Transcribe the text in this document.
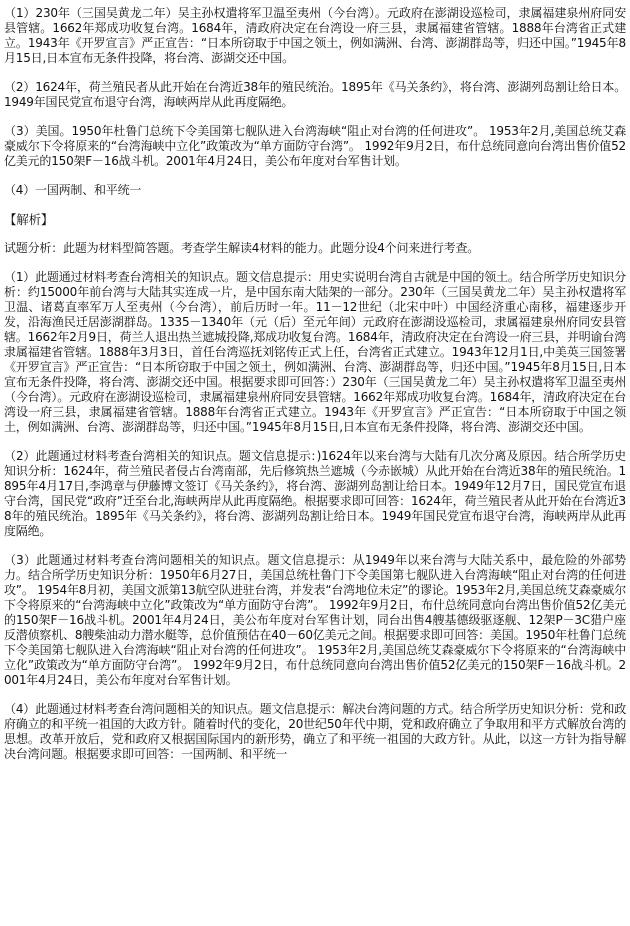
（1）230年（三国吴黄龙二年）吴主孙权遣将军卫温至夷州（今台湾）。元政府在澎湖设巡检司，隶属福建泉州府同安县管辖。1662年郑成功收复台湾。1684年，清政府决定在台湾设一府三县，隶属福建省管辖。1888年台湾省正式建立。1943年《开罗宣言》严正宣告：“日本所窃取于中国之领土，例如满洲、台湾、澎湖群岛等，归还中国。”1945年8月15日,日本宣布无条件投降，将台湾、澎湖交还中国。

（2）1624年，荷兰殖民者从此开始在台湾近38年的殖民统治。1895年《马关条约》，将台湾、澎湖列岛割让给日本。1949年国民党宣布退守台湾，海峡两岸从此再度隔绝。

（3）美国。1950年杜鲁门总统下令美国第七舰队进入台湾海峡“阻止对台湾的任何进攻”。 1953年2月,美国总统艾森豪威尔下令将原来的“台湾海峡中立化”政策改为“单方面防守台湾”。 1992年9月2日，布什总统同意向台湾出售价值52亿美元的150架F－16战斗机。2001年4月24日，美公布年度对台军售计划。

（4）一国两制、和平统一

【解析】

试题分析：此题为材料型简答题。考查学生解读4材料的能力。此题分设4个问来进行考查。

（1）此题通过材料考查台湾相关的知识点。题文信息提示：用史实说明台湾自古就是中国的领土。结合所学历史知识分析：约15000年前台湾与大陆其实连成一片，是中国东南大陆架的一部分。230年（三国吴黄龙二年）吴主孙权遣将军卫温、诸葛直率军万人至夷州（今台湾），前后历时一年。11－12世纪（北宋中叶）中国经济重心南移，福建逐步开发，沿海渔民迁居澎湖群岛。1335－1340年（元（后）至元年间）元政府在澎湖设巡检司，隶属福建泉州府同安县管辖。1662年2月9日，荷兰人退出热兰遮城投降,郑成功收复台湾。1684年，清政府决定在台湾设一府三县，并明谕台湾隶属福建省管辖。1888年3月3日，首任台湾巡抚刘铭传正式上任，台湾省正式建立。1943年12月1日,中美英三国签署《开罗宣言》严正宣告：“日本所窃取于中国之领土，例如满洲、台湾、澎湖群岛等，归还中国。”1945年8月15日,日本宣布无条件投降，将台湾、澎湖交还中国。根据要求即可回答：）230年（三国吴黄龙二年）吴主孙权遣将军卫温至夷州（今台湾）。元政府在澎湖设巡检司，隶属福建泉州府同安县管辖。1662年郑成功收复台湾。1684年，清政府决定在台湾设一府三县，隶属福建省管辖。1888年台湾省正式建立。1943年《开罗宣言》严正宣告：“日本所窃取于中国之领土，例如满洲、台湾、澎湖群岛等，归还中国。”1945年8月15日,日本宣布无条件投降，将台湾、澎湖交还中国。

（2）此题通过材料考查台湾相关的知识点。题文信息提示：)1624年以来台湾与大陆有几次分离及原因。结合所学历史知识分析：1624年，荷兰殖民者侵占台湾南部，先后修筑热兰遮城（今赤嵌城）从此开始在台湾近38年的殖民统治。1895年4月17日,李鸿章与伊藤博文签订《马关条约》，将台湾、澎湖列岛割让给日本。1949年12月7日，国民党宣布退守台湾，国民党“政府”迁至台北,海峡两岸从此再度隔绝。根据要求即可回答：1624年，荷兰殖民者从此开始在台湾近38年的殖民统治。1895年《马关条约》，将台湾、澎湖列岛割让给日本。1949年国民党宣布退守台湾，海峡两岸从此再度隔绝。

（3）此题通过材料考查台湾问题相关的知识点。题文信息提示：从1949年以来台湾与大陆关系中，最危险的外部势力。结合所学历史知识分析：1950年6月27日，美国总统杜鲁门下令美国第七舰队进入台湾海峡“阻止对台湾的任何进攻”。 1954年8月初，美国文派第13航空队进驻台湾，并发表“台湾地位未定”的谬论。1953年2月,美国总统艾森豪威尔下令将原来的“台湾海峡中立化”政策改为“单方面防守台湾”。 1992年9月2日，布什总统同意向台湾出售价值52亿美元的150架F－16战斗机。2001年4月24日，美公布年度对台军售计划，同台出售4艘基德级驱逐舰、12架P－3C猎户座反潜侦察机、8艘柴油动力潜水艇等，总价值预估在40－60亿美元之间。根据要求即可回答：美国。1950年杜鲁门总统下令美国第七舰队进入台湾海峡“阻止对台湾的任何进攻”。 1953年2月,美国总统艾森豪威尔下令将原来的“台湾海峡中立化”政策改为“单方面防守台湾”。 1992年9月2日，布什总统同意向台湾出售价值52亿美元的150架F－16战斗机。2001年4月24日，美公布年度对台军售计划。

（4）此题通过材料考查台湾问题相关的知识点。题文信息提示：解决台湾问题的方式。结合所学历史知识分析：党和政府确立的和平统一祖国的大政方针。随着时代的变化，20世纪50年代中期，党和政府确立了争取用和平方式解放台湾的思想。改革开放后，党和政府又根据国际国内的新形势，确立了和平统一祖国的大政方针。从此，以这一方针为指导解决台湾问题。根据要求即可回答：一国两制、和平统一
